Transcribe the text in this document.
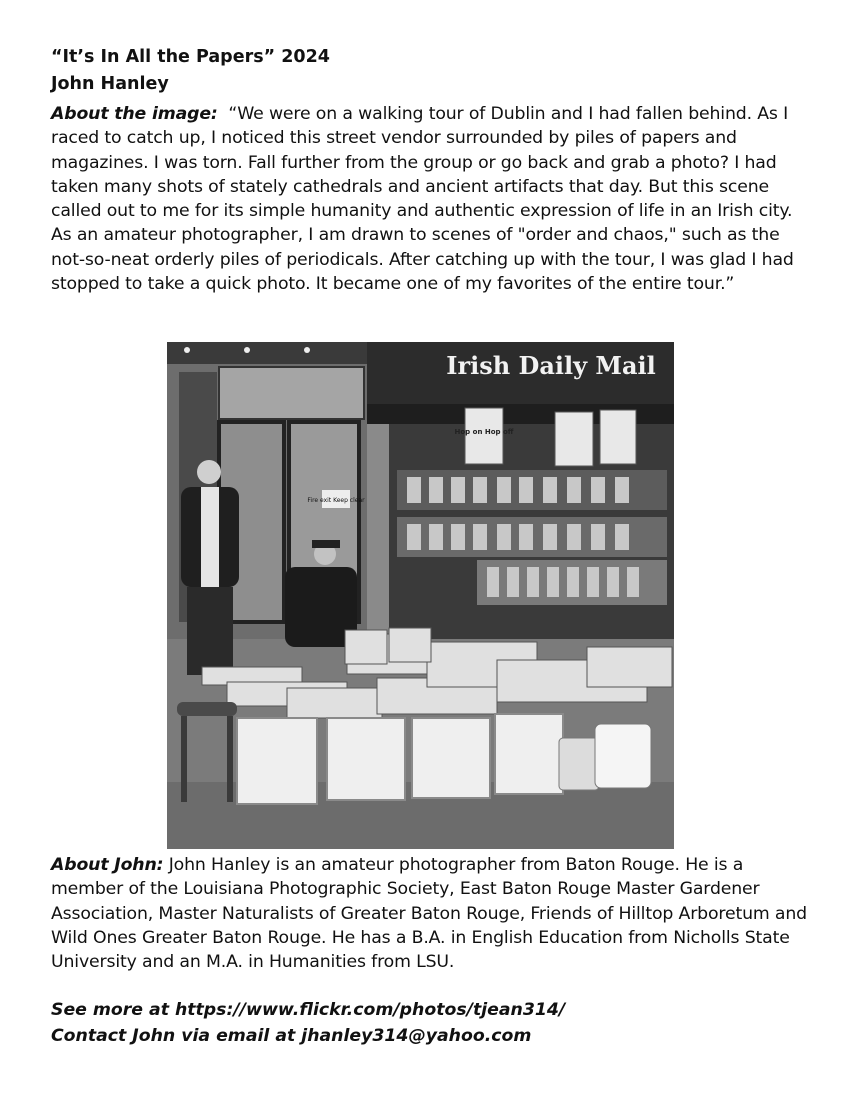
“It’s In All the Papers” 2024

John Hanley

About the image: “We were on a walking tour of Dublin and I had fallen behind. As I raced to catch up, I noticed this street vendor surrounded by piles of papers and magazines. I was torn. Fall further from the group or go back and grab a photo? I had taken many shots of stately cathedrals and ancient artifacts that day. But this scene called out to me for its simple humanity and authentic expression of life in an Irish city. As an amateur photographer, I am drawn to scenes of "order and chaos," such as the not-so-neat orderly piles of periodicals. After catching up with the tour, I was glad I had stopped to take a quick photo. It became one of my favorites of the entire tour.”

Fire exit Keep clear
Irish Daily Mail
Hop on Hop off
About John: John Hanley is an amateur photographer from Baton Rouge. He is a member of the Louisiana Photographic Society, East Baton Rouge Master Gardener Association, Master Naturalists of Greater Baton Rouge, Friends of Hilltop Arboretum and Wild Ones Greater Baton Rouge. He has a B.A. in English Education from Nicholls State University and an M.A. in Humanities from LSU.
See more at https://www.flickr.com/photos/tjean314/
Contact John via email at jhanley314@yahoo.com
